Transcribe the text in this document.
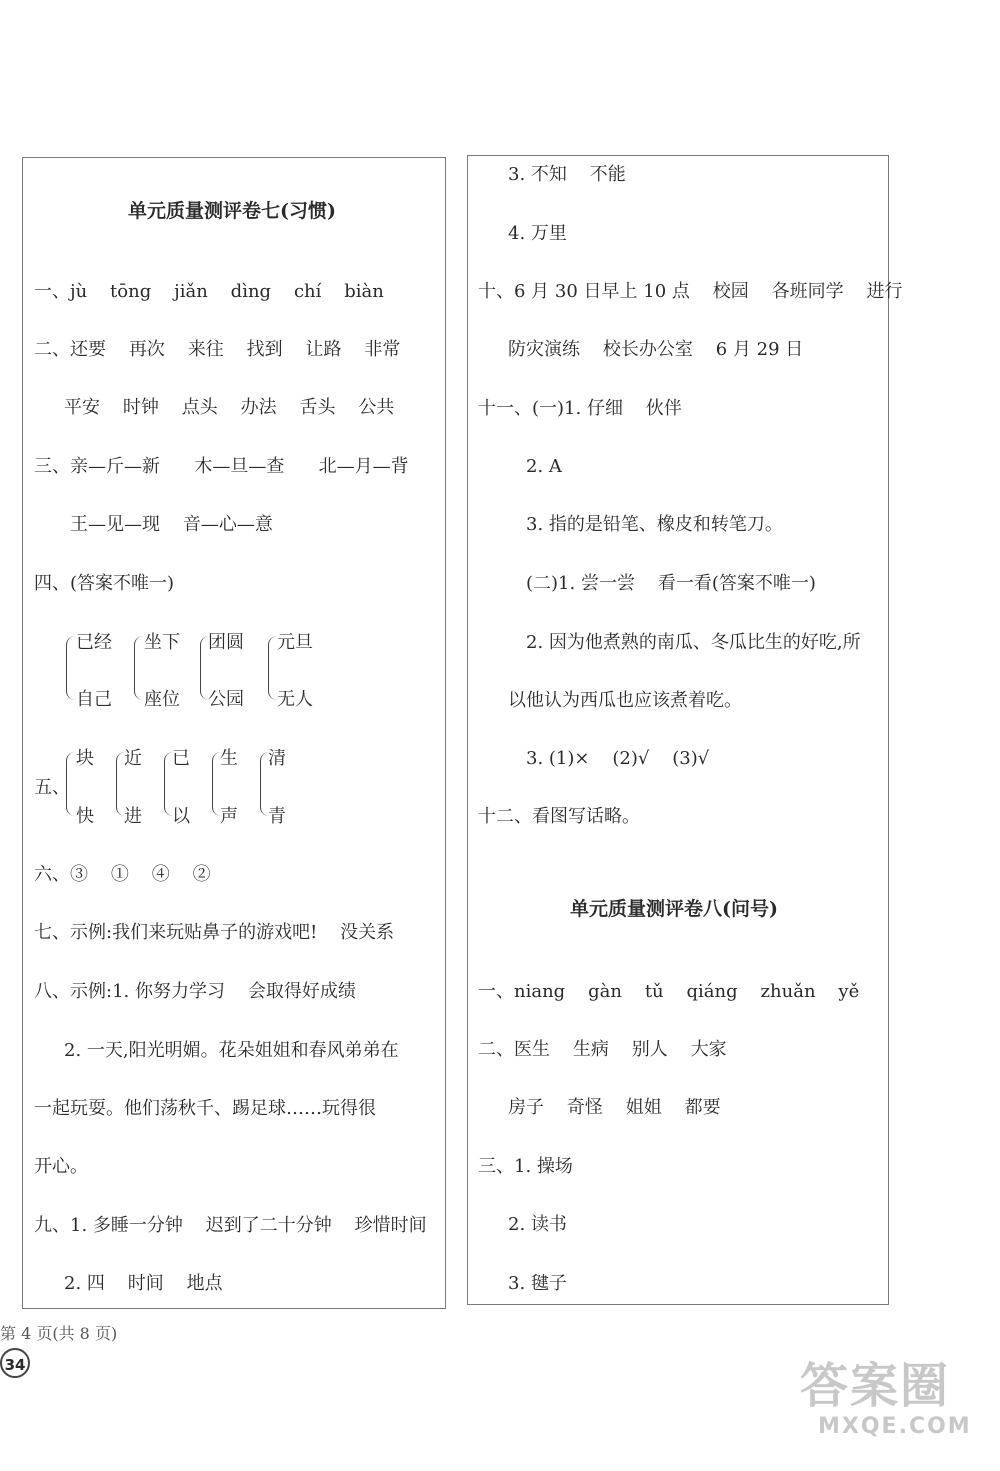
单元质量测评卷七(习惯)
一、jù    tōng    jiǎn    dìng    chí    biàn
二、还要    再次    来往    找到    让路    非常
平安    时钟    点头    办法    舌头    公共
三、亲—斤—新      木—旦—查      北—月—背
王—见—现    音—心—意
四、(答案不唯一)
已经
自己
坐下
座位
团圆
公园
元旦
无人
五、
块
快
近
进
已
以
生
声
清
青
六、③    ①    ④    ②
七、示例:我们来玩贴鼻子的游戏吧!    没关系
八、示例:1. 你努力学习    会取得好成绩
2. 一天,阳光明媚。花朵姐姐和春风弟弟在
一起玩耍。他们荡秋千、踢足球……玩得很
开心。
九、1. 多睡一分钟    迟到了二十分钟    珍惜时间
2. 四    时间    地点
3. 不知    不能
4. 万里
十、6 月 30 日早上 10 点    校园    各班同学    进行
防灾演练    校长办公室    6 月 29 日
十一、(一)1. 仔细    伙伴
2. A
3. 指的是铅笔、橡皮和转笔刀。
(二)1. 尝一尝    看一看(答案不唯一)
2. 因为他煮熟的南瓜、冬瓜比生的好吃,所
以他认为西瓜也应该煮着吃。
3. (1)×    (2)√    (3)√
十二、看图写话略。
单元质量测评卷八(问号)
一、niang    gàn    tǔ    qiáng    zhuǎn    yě
二、医生    生病    别人    大家
房子    奇怪    姐姐    都要
三、1. 操场
2. 读书
3. 毽子
第 4 页(共 8 页)
34	答案圈
MXQE.COM
